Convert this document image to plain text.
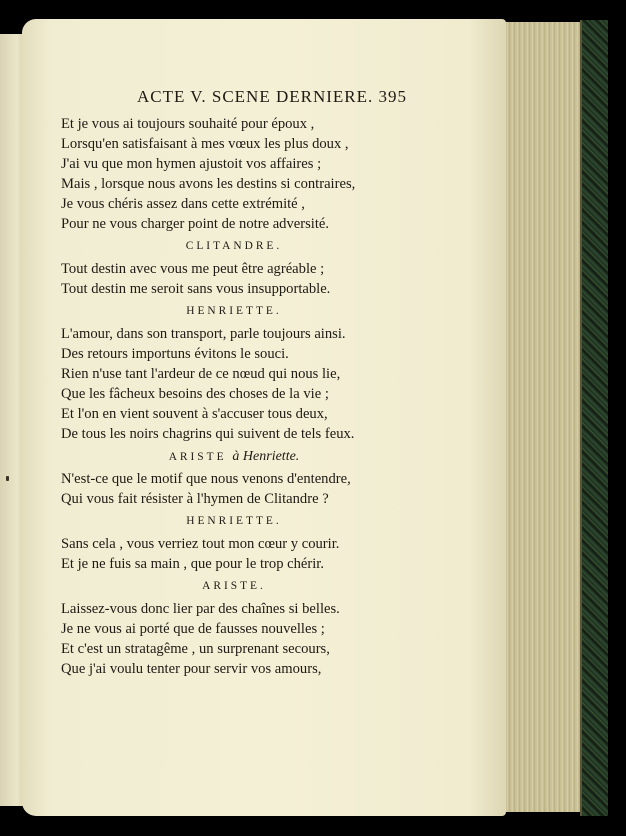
ACTE V. SCENE DERNIERE. 395
Et je vous ai toujours souhaité pour époux ,
Lorsqu'en satisfaisant à mes vœux les plus doux ,
J'ai vu que mon hymen ajustoit vos affaires ;
Mais , lorsque nous avons les destins si contraires,
Je vous chéris assez dans cette extrémité ,
Pour ne vous charger point de notre adversité.
CLITANDRE.
Tout destin avec vous me peut être agréable ;
Tout destin me seroit sans vous insupportable.
HENRIETTE.
L'amour, dans son transport, parle toujours ainsi.
Des retours importuns évitons le souci.
Rien n'use tant l'ardeur de ce nœud qui nous lie,
Que les fâcheux besoins des choses de la vie ;
Et l'on en vient souvent à s'accuser tous deux,
De tous les noirs chagrins qui suivent de tels feux.
ARISTE à Henriette.
N'est-ce que le motif que nous venons d'entendre,
Qui vous fait résister à l'hymen de Clitandre ?
HENRIETTE.
Sans cela , vous verriez tout mon cœur y courir.
Et je ne fuis sa main , que pour le trop chérir.
ARISTE.
Laissez-vous donc lier par des chaînes si belles.
Je ne vous ai porté que de fausses nouvelles ;
Et c'est un stratagême , un surprenant secours,
Que j'ai voulu tenter pour servir vos amours,
